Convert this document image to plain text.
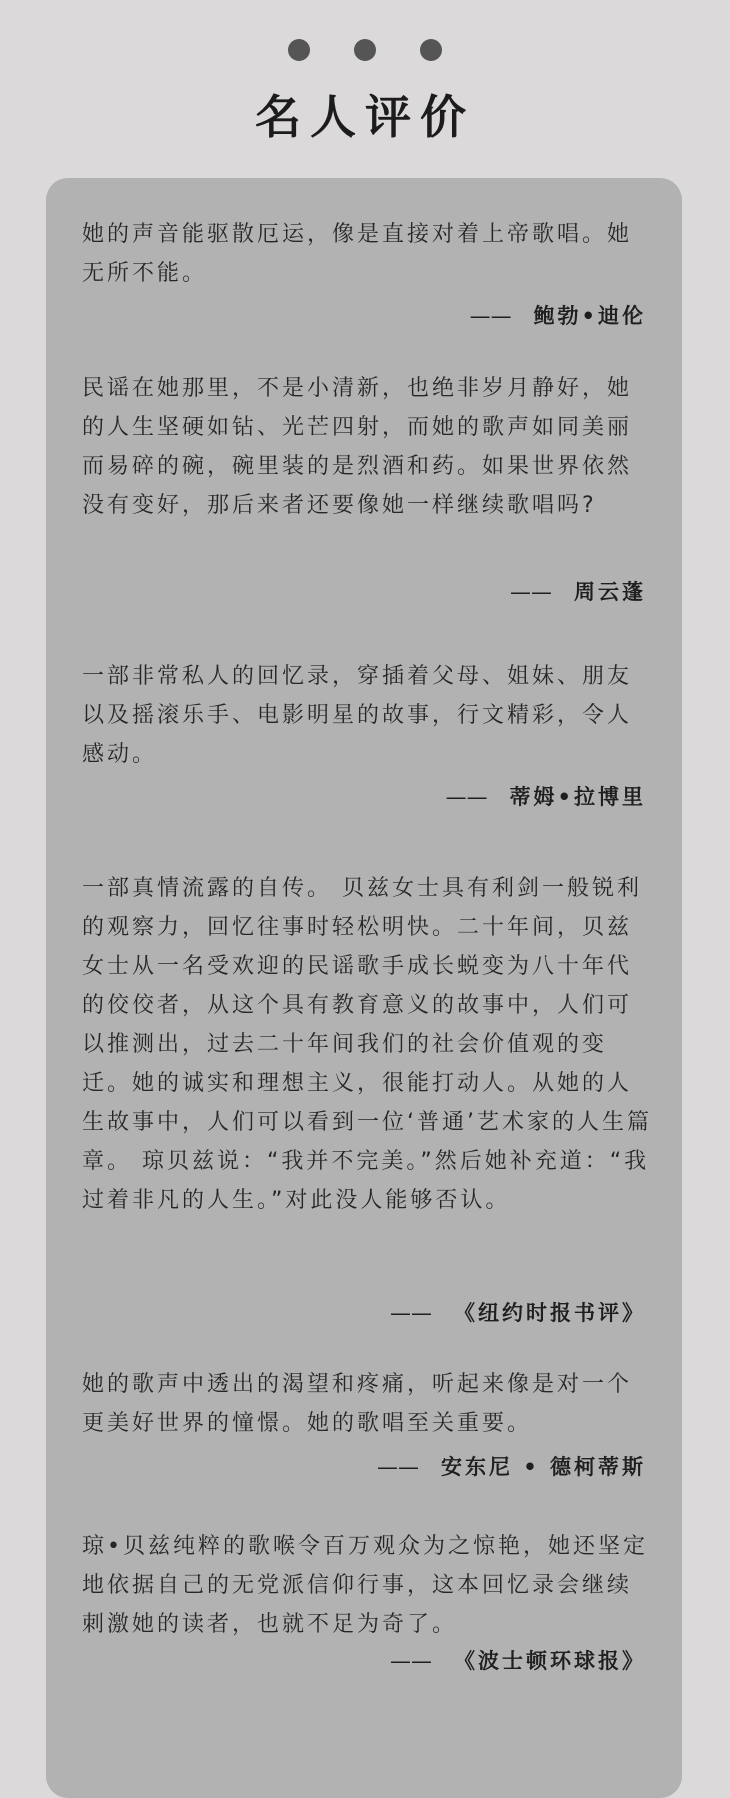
名人评价

她的声音能驱散厄运，像是直接对着上帝歌唱。她无所不能。

—— 鲍勃•迪伦

民谣在她那里，不是小清新，也绝非岁月静好，她的人生坚硬如钻、光芒四射，而她的歌声如同美丽而易碎的碗，碗里装的是烈酒和药。如果世界依然没有变好，那后来者还要像她一样继续歌唱吗?

—— 周云蓬

一部非常私人的回忆录，穿插着父母、姐妹、朋友以及摇滚乐手、电影明星的故事，行文精彩，令人感动。

—— 蒂姆•拉博里

一部真情流露的自传。 贝兹女士具有利剑一般锐利的观察力，回忆往事时轻松明快。二十年间，贝兹女士从一名受欢迎的民谣歌手成长蜕变为八十年代的佼佼者，从这个具有教育意义的故事中，人们可以推测出，过去二十年间我们的社会价值观的变迁。她的诚实和理想主义，很能打动人。从她的人生故事中，人们可以看到一位‘普通’艺术家的人生篇章。 琼贝兹说：“我并不完美。”然后她补充道：“我过着非凡的人生。”对此没人能够否认。

—— 《纽约时报书评》

她的歌声中透出的渴望和疼痛，听起来像是对一个更美好世界的憧憬。她的歌唱至关重要。

—— 安东尼 • 德柯蒂斯

琼•贝兹纯粹的歌喉令百万观众为之惊艳，她还坚定地依据自己的无党派信仰行事，这本回忆录会继续刺激她的读者，也就不足为奇了。

—— 《波士顿环球报》
